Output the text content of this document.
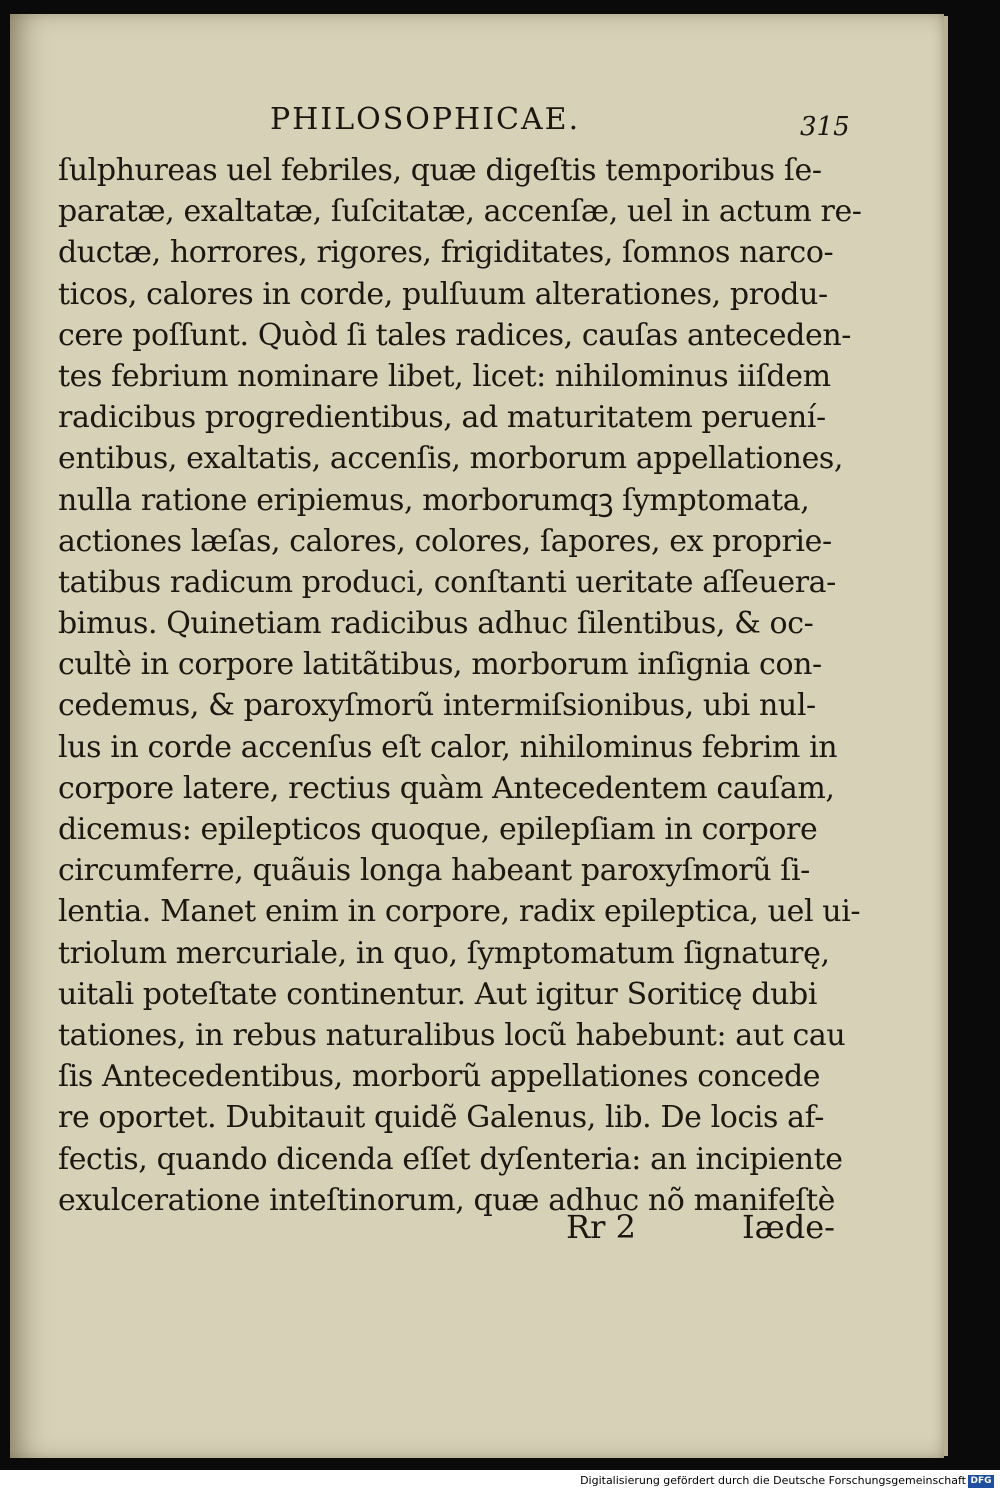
PHILOSOPHICAE.	315
ſulphureas uel febriles, quæ digeſtis temporibus ſe-
paratæ, exaltatæ, ſuſcitatæ, accenſæ, uel in actum re-
ductæ, horrores, rigores, frigiditates, ſomnos narco-
ticos, calores in corde, pulſuum alterationes, produ-
cere poſſunt. Quòd ſi tales radices, cauſas anteceden-
tes febrium nominare libet, licet: nihilominus iiſdem
radicibus progredientibus, ad maturitatem peruení-
entibus, exaltatis, accenſis, morborum appellationes,
nulla ratione eripiemus, morborumqꝫ ſymptomata,
actiones læſas, calores, colores, ſapores, ex proprie-
tatibus radicum produci, conſtanti ueritate aſſeuera-
bimus. Quinetiam radicibus adhuc ſilentibus, & oc-
cultè in corpore latitãtibus, morborum inſignia con-
cedemus, & paroxyſmorũ intermiſsionibus, ubi nul-
lus in corde accenſus eſt calor, nihilominus febrim in
corpore latere, rectius quàm Antecedentem cauſam,
dicemus: epilepticos quoque, epilepſiam in corpore
circumferre, quãuis longa habeant paroxyſmorũ ſi-
lentia. Manet enim in corpore, radix epileptica, uel ui-
triolum mercuriale, in quo, ſymptomatum ſignaturę,
uitali poteſtate continentur. Aut igitur Soriticę dubi
tationes, in rebus naturalibus locũ habebunt: aut cau
ſis Antecedentibus, morborũ appellationes concede
re oportet. Dubitauit quidẽ Galenus, lib. De locis af-
fectis, quando dicenda eſſet dyſenteria: an incipiente
exulceratione inteſtinorum, quæ adhuc nõ manifeſtè
Rr 2	Iæde-
Digitalisierung gefördert durch die Deutsche Forschungsgemeinschaft DFG
